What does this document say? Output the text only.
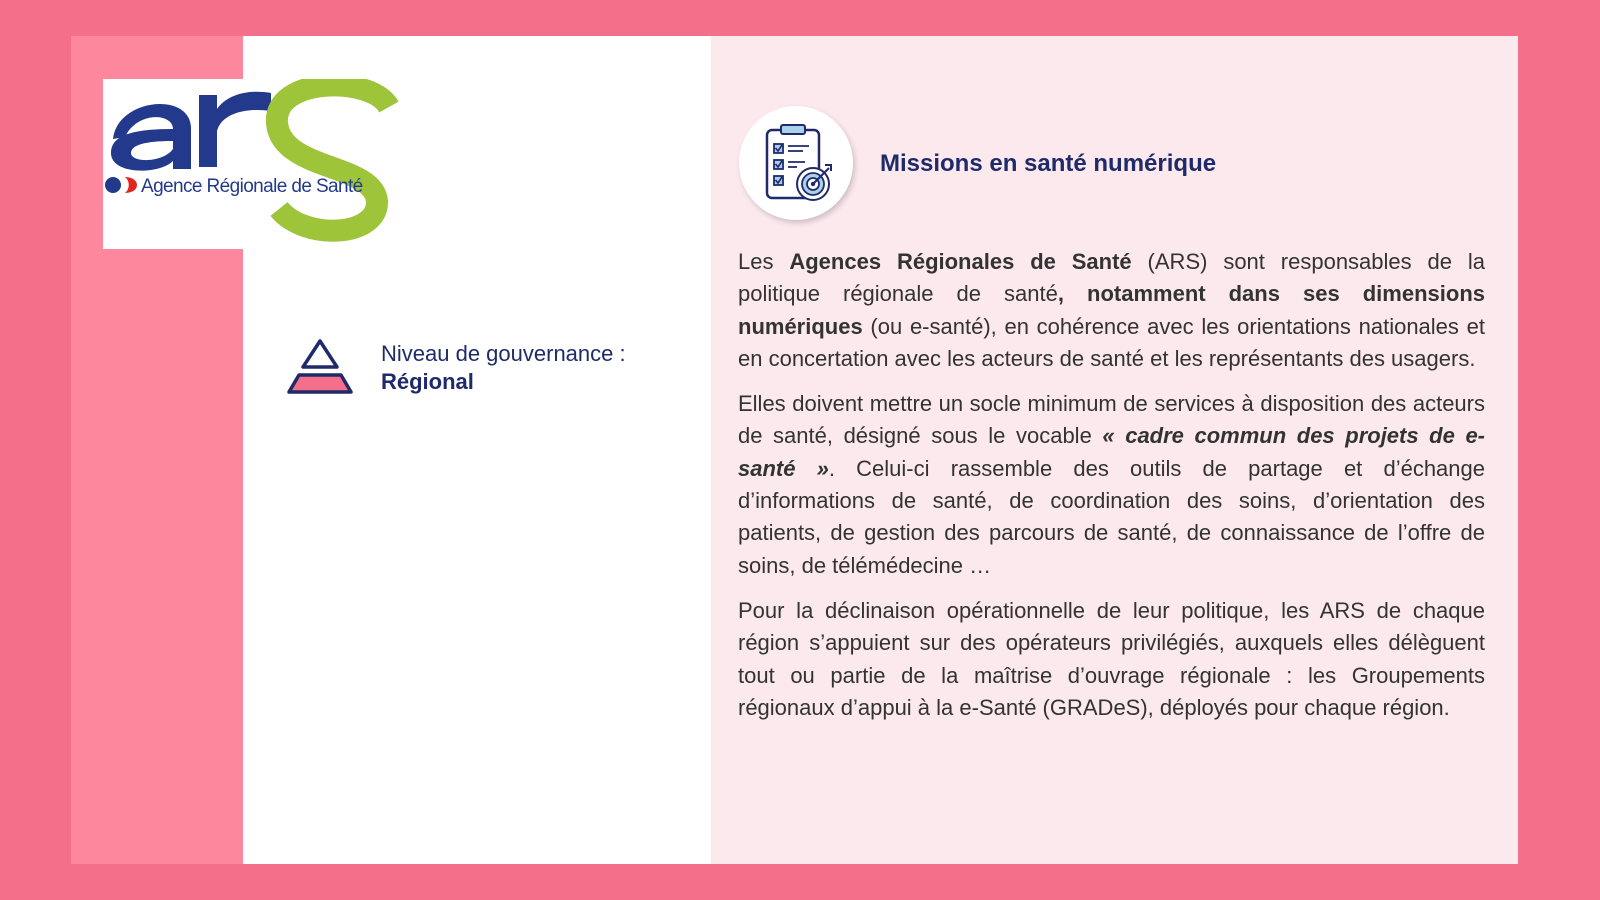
Agence Régionale de Santé
Niveau de gouvernance :
Régional
Missions en santé numérique

Les Agences Régionales de Santé (ARS) sont responsables de la politique régionale de santé, notamment dans ses dimensions numériques (ou e-santé), en cohérence avec les orientations nationales et en concertation avec les acteurs de santé et les représentants des usagers.

Elles doivent mettre un socle minimum de services à disposition des acteurs de santé, désigné sous le vocable « cadre commun des projets de e-santé ». Celui-ci rassemble des outils de partage et d’échange d’informations de santé, de coordination des soins, d’orientation des patients, de gestion des parcours de santé, de connaissance de l’offre de soins, de télémédecine …

Pour la déclinaison opérationnelle de leur politique, les ARS de chaque région s’appuient sur des opérateurs privilégiés, auxquels elles délèguent tout ou partie de la maîtrise d’ouvrage régionale : les Groupements régionaux d’appui à la e-Santé (GRADeS), déployés pour chaque région.
